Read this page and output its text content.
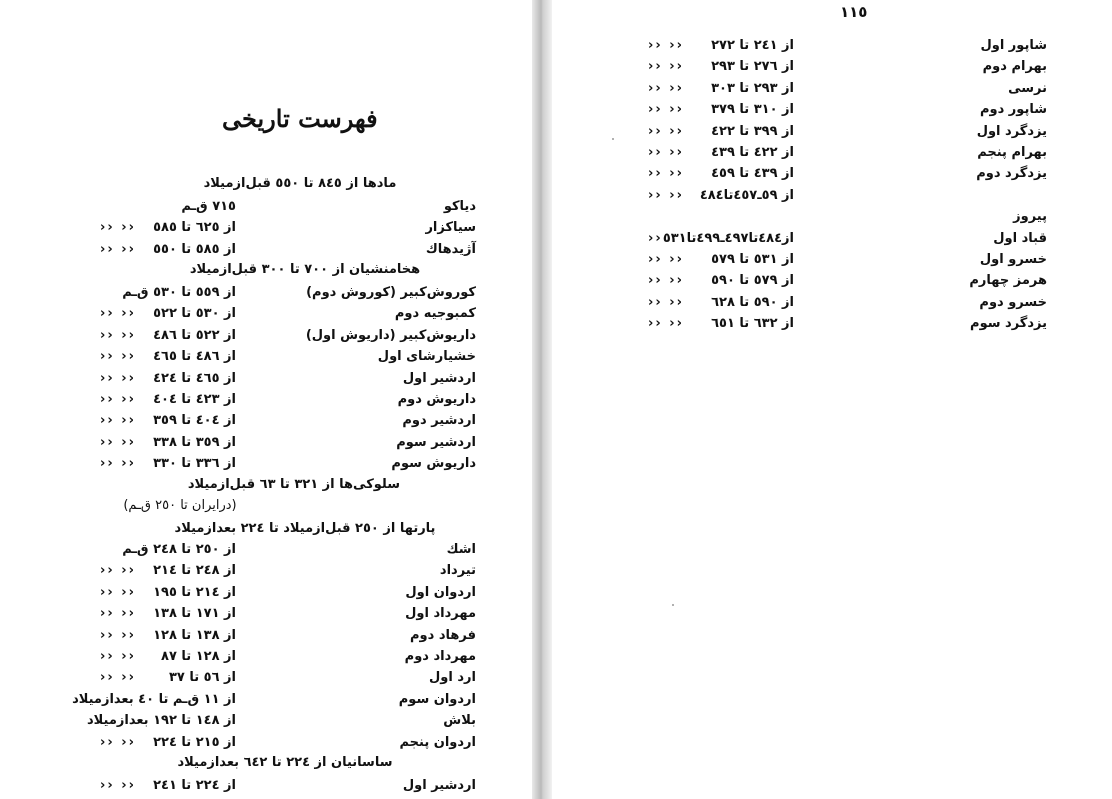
فهرست تاریخی
مادها از ۸٤٥ تا ٥٥٠ قبل‌ازمیلاد
دیاکو
۷۱٥ ق‌ـم
سیاکزار
از ٦۲٥ تا ٥٨٥
›› ››
آژیدهاك
از ٥٨٥ تا ٥٥٠
›› ››
هخامنشیان از ۷۰۰ تا ۳۰۰ قبل‌ازمیلاد
کوروش‌کبیر (کوروش دوم)
از ٥٥۹ تا ٥۳۰ ق‌ـم
کمبوجیه دوم
از ٥۳۰ تا ٥۲۲
›› ››
داریوش‌کبیر (داریوش اول)
از ٥۲۲ تا ٤٨٦
›› ››
خشیارشای اول
از ٤٨٦ تا ٤٦٥
›› ››
اردشیر اول
از ٤٦٥ تا ٤۲٤
›› ››
داریوش دوم
از ٤۲۳ تا ٤۰٤
›› ››
اردشیر دوم
از ٤۰٤ تا ۳٥۹
›› ››
اردشیر سوم
از ۳٥۹ تا ۳۳٨
›› ››
داریوش سوم
از ۳۳٦ تا ۳۳۰
›› ››
سلوکی‌ها از ۳۲۱ تا ٦۳ قبل‌ازمیلاد
(درایران تا ۲٥۰ ق‌ـم)
پارتها از ۲٥۰ قبل‌ازمیلاد تا ۲۲٤ بعدازمیلاد
اشك
از ۲٥۰ تا ۲٤٨ ق‌ـم
تیرداد
از ۲٤٨ تا ۲۱٤
›› ››
اردوان اول
از ۲۱٤ تا ۱۹٥
›› ››
مهرداد اول
از ۱۷۱ تا ۱۳٨
›› ››
فرهاد دوم
از ۱۳٨ تا ۱۲٨
›› ››
مهرداد دوم
از ۱۲٨ تا ٨۷
›› ››
ارد اول
از ٥٦ تا ۳۷
›› ››
اردوان سوم
از ۱۱ ق‌ـم تا ٤۰ بعدازمیلاد
بلاش
از ۱٤٨ تا ۱۹۲ بعدازمیلاد
اردوان پنجم
از ۲۱٥ تا ۲۲٤
›› ››
ساسانیان از ۲۲٤ تا ٦٤۲ بعدازمیلاد
اردشیر اول
از ۲۲٤ تا ۲٤۱
›› ››
۱۱٥
شاپور اول
از ۲٤۱ تا ۲۷۲
›› ››
بهرام دوم
از ۲۷٦ تا ۲۹۳
›› ››
نرسی
از ۲۹۳ تا ۳۰۳
›› ››
شاپور دوم
از ۳۱۰ تا ۳۷۹
›› ››
یزدگرد اول
از ۳۹۹ تا ٤۲۲
›› ››
بهرام پنجم
از ٤۲۲ تا ٤۳۹
›› ››
یزدگرد دوم
از ٤۳۹ تا ٤٥۹
›› ››
از ٥۹ـ٤٥۷تا٤٨٤
›› ››
پیروز
قباد اول
از٤٨٤تا٤۹۷ـ٤۹۹تا٥۳۱
››
خسرو اول
از ٥۳۱ تا ٥۷۹
›› ››
هرمز چهارم
از ٥۷۹ تا ٥۹۰
›› ››
خسرو دوم
از ٥۹۰ تا ٦۲٨
›› ››
یزدگرد سوم
از ٦۳۲ تا ٦٥۱
›› ››
